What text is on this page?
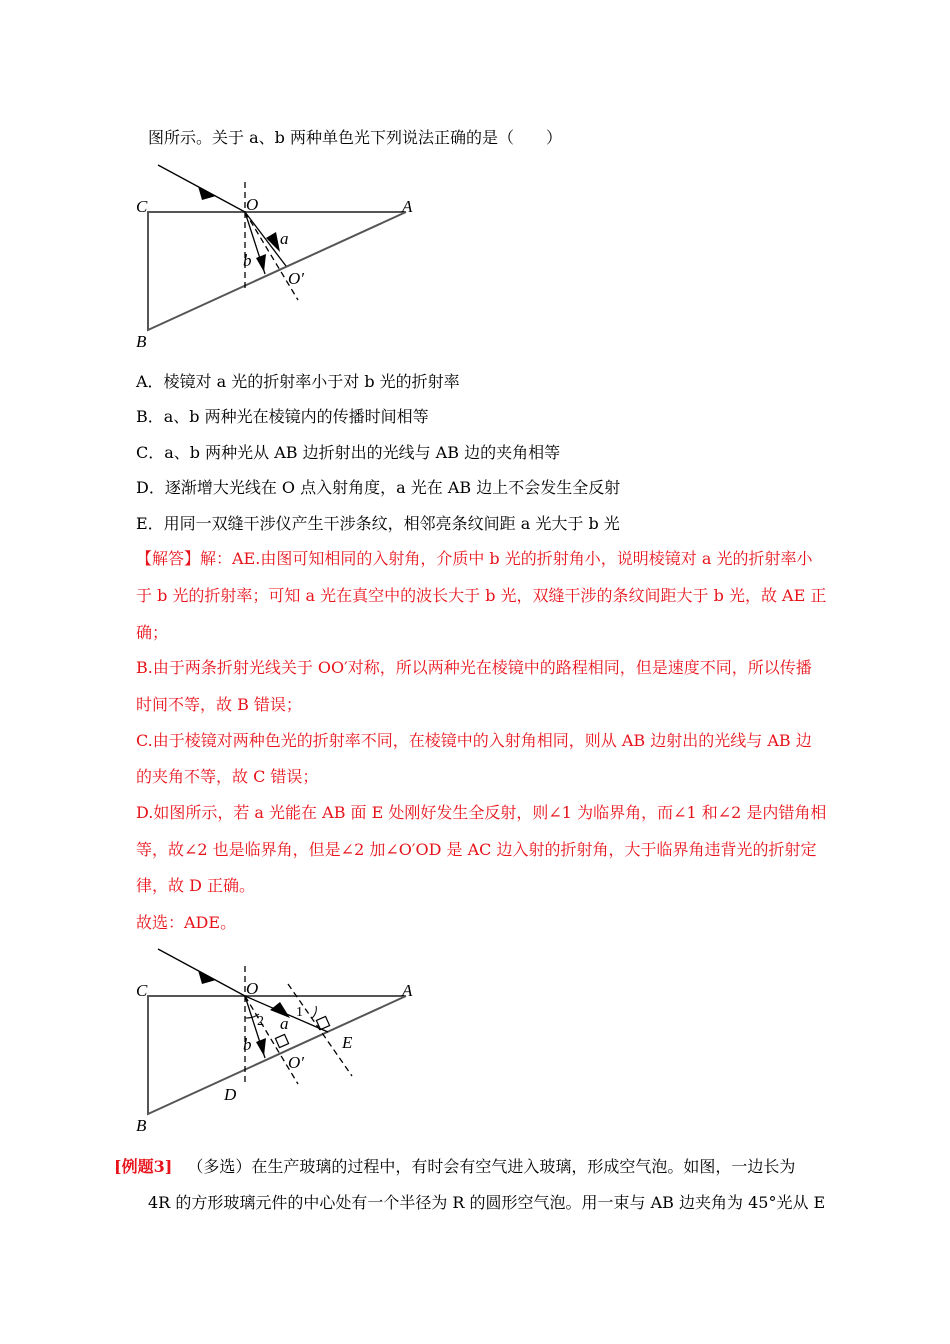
图所示。关于 a、b 两种单色光下列说法正确的是（　　）
C	O	A
a
b
O′
B
A．棱镜对 a 光的折射率小于对 b 光的折射率
B．a、b 两种光在棱镜内的传播时间相等
C．a、b 两种光从 AB 边折射出的光线与 AB 边的夹角相等
D．逐渐增大光线在 O 点入射角度，a 光在 AB 边上不会发生全反射
E．用同一双缝干涉仪产生干涉条纹，相邻亮条纹间距 a 光大于 b 光
【解答】解：AE.由图可知相同的入射角，介质中 b 光的折射角小，说明棱镜对 a 光的折射率小
于 b 光的折射率；可知 a 光在真空中的波长大于 b 光，双缝干涉的条纹间距大于 b 光，故 AE 正
确；
B.由于两条折射光线关于 OO′对称，所以两种光在棱镜中的路程相同，但是速度不同，所以传播
时间不等，故 B 错误；
C.由于棱镜对两种色光的折射率不同，在棱镜中的入射角相同，则从 AB 边射出的光线与 AB 边
的夹角不等，故 C 错误；
D.如图所示，若 a 光能在 AB 面 E 处刚好发生全反射，则∠1 为临界角，而∠1 和∠2 是内错角相
等，故∠2 也是临界角，但是∠2 加∠O′OD 是 AC 边入射的折射角，大于临界角违背光的折射定
律，故 D 正确。
故选：ADE。
C	O	A
2
1
a
b
O′
E
D
B
[例题3] （多选）在生产玻璃的过程中，有时会有空气进入玻璃，形成空气泡。如图，一边长为
4R 的方形玻璃元件的中心处有一个半径为 R 的圆形空气泡。用一束与 AB 边夹角为 45°光从 E
